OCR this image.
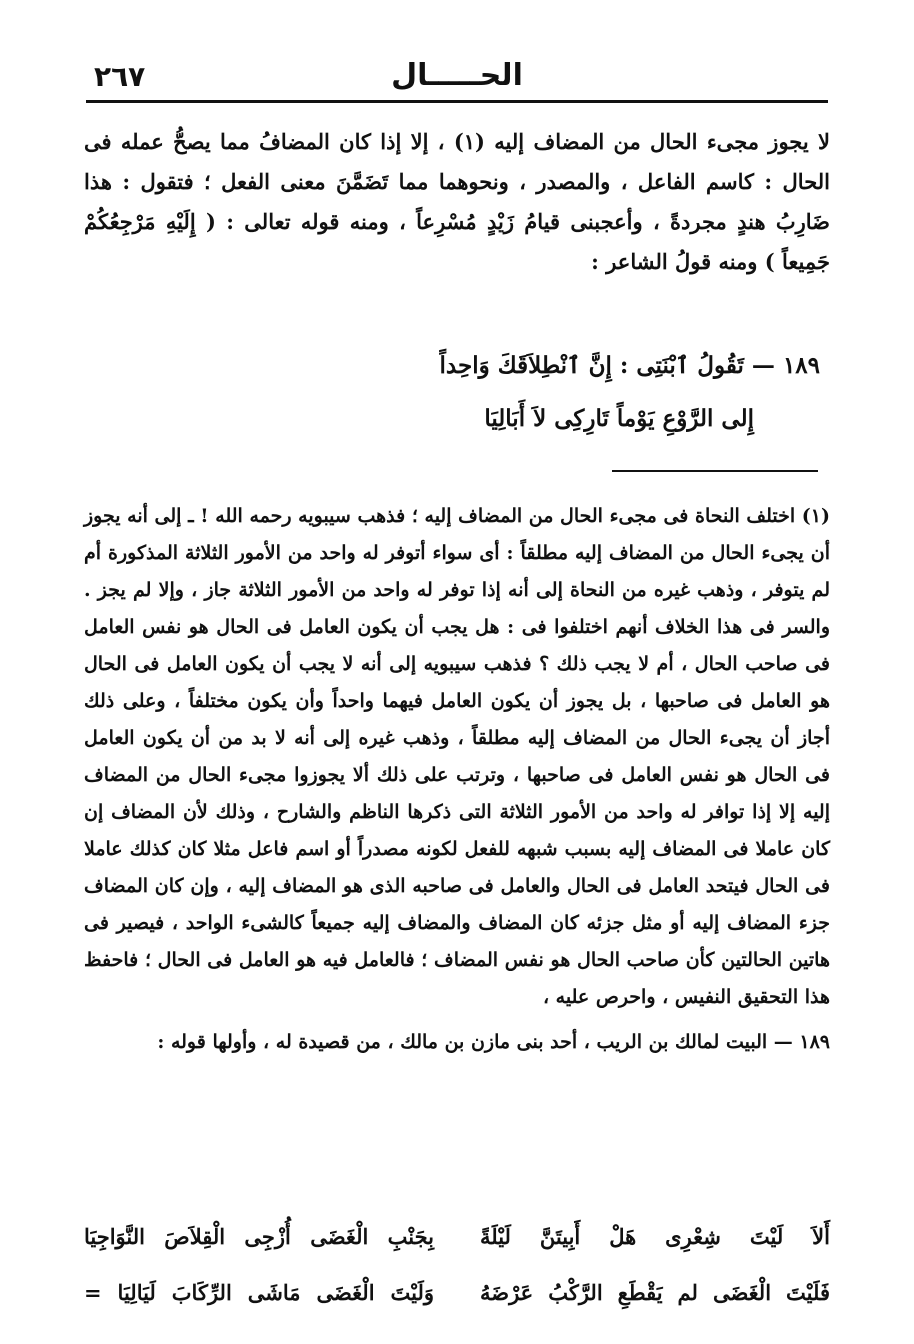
٢٦٧	الحـــــال

لا يجوز مجىء الحال من المضاف إليه (١) ، إلا إذا كان المضافُ مما يصحُّ عمله فى الحال : كاسم الفاعل ، والمصدر ، ونحوهما مما تَضَمَّنَ معنى الفعل ؛ فتقول : هذا ضَارِبُ هندٍ مجردةً ، وأعجبنى قيامُ زَيْدٍ مُسْرِعاً ، ومنه قوله تعالى : ( إِلَيْهِ مَرْجِعُكُمْ جَمِيعاً ) ومنه قولُ الشاعر :

١٨٩ — تَقُولُ ٱبْنَتِى : إِنَّ ٱنْطِلاَقَكَ وَاحِداً
إِلى الرَّوْعِ يَوْماً تَارِكِى لاَ أَبَالِيَا

(١) اختلف النحاة فى مجىء الحال من المضاف إليه ؛ فذهب سيبويه رحمه الله ! ـ إلى أنه يجوز أن يجىء الحال من المضاف إليه مطلقاً : أى سواء أتوفر له واحد من الأمور الثلاثة المذكورة أم لم يتوفر ، وذهب غيره من النحاة إلى أنه إذا توفر له واحد من الأمور الثلاثة جاز ، وإلا لم يجز . والسر فى هذا الخلاف أنهم اختلفوا فى : هل يجب أن يكون العامل فى الحال هو نفس العامل فى صاحب الحال ، أم لا يجب ذلك ؟ فذهب سيبويه إلى أنه لا يجب أن يكون العامل فى الحال هو العامل فى صاحبها ، بل يجوز أن يكون العامل فيهما واحداً وأن يكون مختلفاً ، وعلى ذلك أجاز أن يجىء الحال من المضاف إليه مطلقاً ، وذهب غيره إلى أنه لا بد من أن يكون العامل فى الحال هو نفس العامل فى صاحبها ، وترتب على ذلك ألا يجوزوا مجىء الحال من المضاف إليه إلا إذا توافر له واحد من الأمور الثلاثة التى ذكرها الناظم والشارح ، وذلك لأن المضاف إن كان عاملا فى المضاف إليه بسبب شبهه للفعل لكونه مصدراً أو اسم فاعل مثلا كان كذلك عاملا فى الحال فيتحد العامل فى الحال والعامل فى صاحبه الذى هو المضاف إليه ، وإن كان المضاف جزء المضاف إليه أو مثل جزئه كان المضاف والمضاف إليه جميعاً كالشىء الواحد ، فيصير فى هاتين الحالتين كأن صاحب الحال هو نفس المضاف ؛ فالعامل فيه هو العامل فى الحال ؛ فاحفظ هذا التحقيق النفيس ، واحرص عليه ،

١٨٩ — البيت لمالك بن الريب ، أحد بنى مازن بن مالك ، من قصيدة له ، وأولها قوله :

أَلاَ لَيْتَ شِعْرِى هَلْ أَبِيتَنَّ لَيْلَةً
بِجَنْبِ الْغَضَى أُزْجِى الْقِلاَصَ النَّوَاجِيَا
فَلَيْتَ الْغَضَى لم يَقْطَعِ الرَّكْبُ عَرْضَهُ
وَلَيْتَ الْغَضَى مَاشَى الرِّكَابَ لَيَالِيَا =
